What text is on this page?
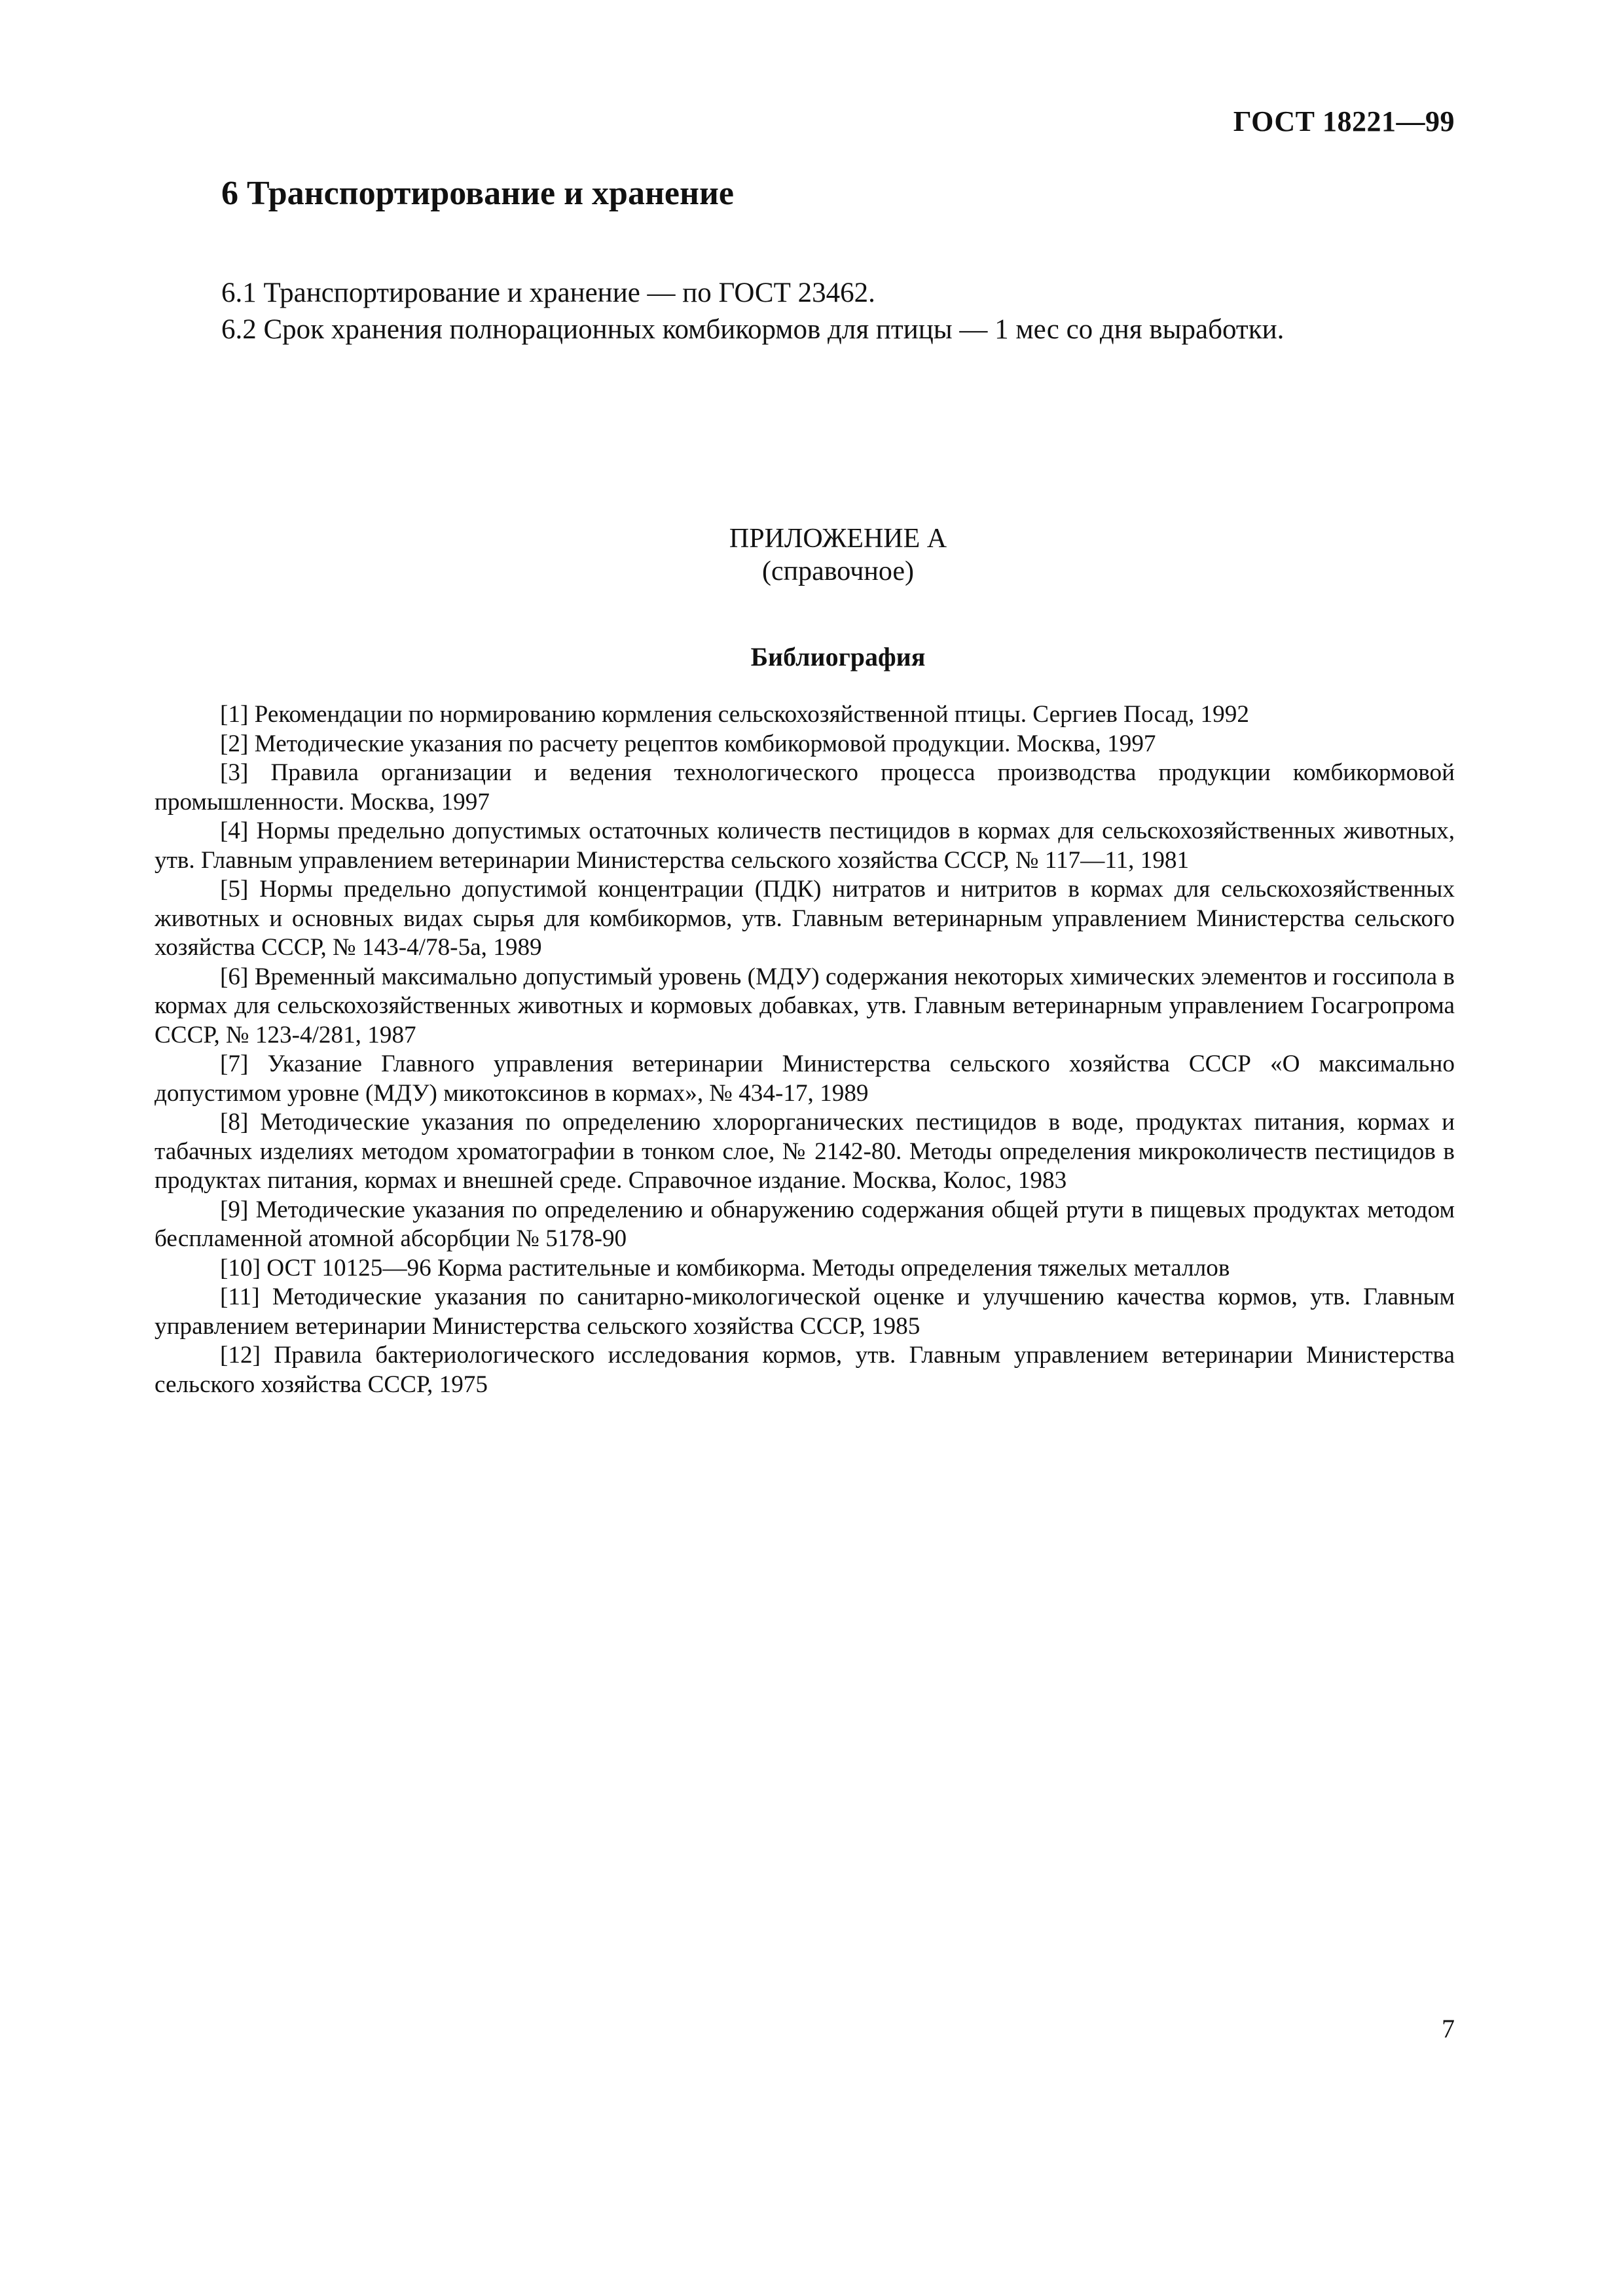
ГОСТ 18221—99
6 Транспортирование и хранение
6.1 Транспортирование и хранение — по ГОСТ 23462.
6.2 Срок хранения полнорационных комбикормов для птицы — 1 мес со дня выработки.
ПРИЛОЖЕНИЕ А
(справочное)
Библиография

[1] Рекомендации по нормированию кормления сельскохозяйственной птицы. Сергиев Посад, 1992

[2] Методические указания по расчету рецептов комбикормовой продукции. Москва, 1997

[3] Правила организации и ведения технологического процесса производства продукции комбикормовой промышленности. Москва, 1997

[4] Нормы предельно допустимых остаточных количеств пестицидов в кормах для сельскохозяйственных животных, утв. Главным управлением ветеринарии Министерства сельского хозяйства СССР, № 117—11, 1981

[5] Нормы предельно допустимой концентрации (ПДК) нитратов и нитритов в кормах для сельскохозяйственных животных и основных видах сырья для комбикормов, утв. Главным ветеринарным управлением Министерства сельского хозяйства СССР, № 143-4/78-5а, 1989

[6] Временный максимально допустимый уровень (МДУ) содержания некоторых химических элементов и госсипола в кормах для сельскохозяйственных животных и кормовых добавках, утв. Главным ветеринарным управлением Госагропрома СССР, № 123-4/281, 1987

[7] Указание Главного управления ветеринарии Министерства сельского хозяйства СССР «О максимально допустимом уровне (МДУ) микотоксинов в кормах», № 434-17, 1989

[8] Методические указания по определению хлорорганических пестицидов в воде, продуктах питания, кормах и табачных изделиях методом хроматографии в тонком слое, № 2142-80. Методы определения микроколичеств пестицидов в продуктах питания, кормах и внешней среде. Справочное издание. Москва, Колос, 1983

[9] Методические указания по определению и обнаружению содержания общей ртути в пищевых продуктах методом беспламенной атомной абсорбции № 5178-90

[10] ОСТ 10125—96 Корма растительные и комбикорма. Методы определения тяжелых металлов

[11] Методические указания по санитарно-микологической оценке и улучшению качества кормов, утв. Главным управлением ветеринарии Министерства сельского хозяйства СССР, 1985

[12] Правила бактериологического исследования кормов, утв. Главным управлением ветеринарии Министерства сельского хозяйства СССР, 1975

7
